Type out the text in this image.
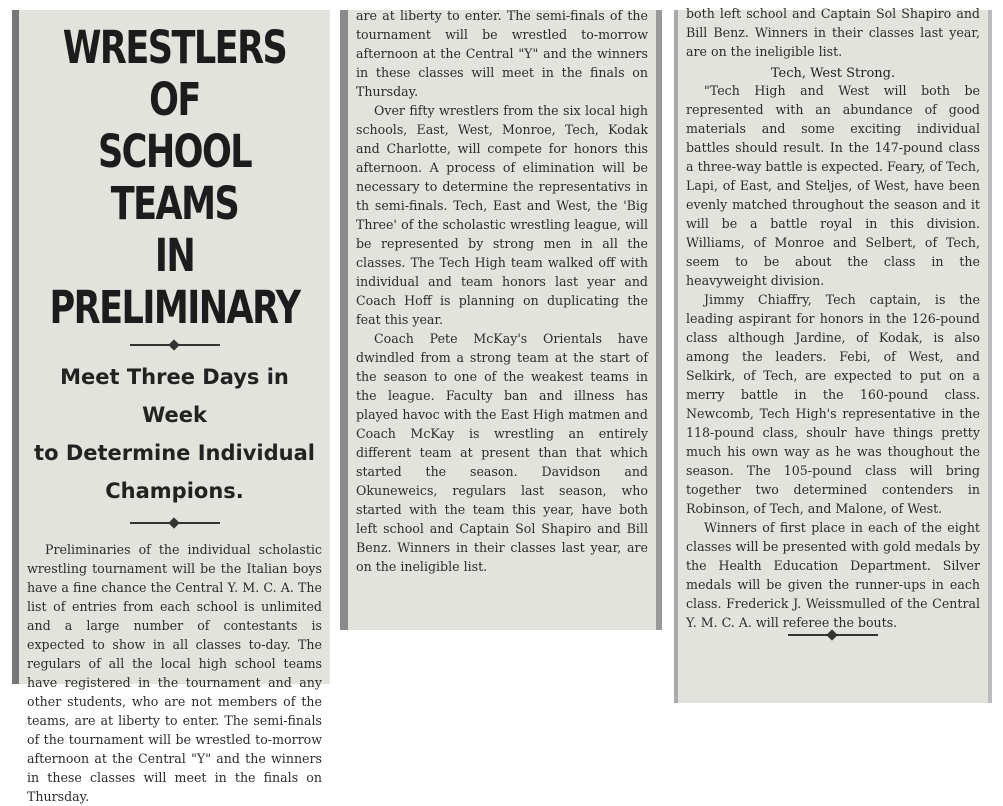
WRESTLERS OF
SCHOOL TEAMS
IN PRELIMINARY
Meet Three Days in Week
to Determine Individual
Champions.

Preliminaries of the individual scholastic wrestling tournament will be the Italian boys have a fine chance the Central Y. M. C. A. The list of entries from each school is unlimited and a large number of contestants is expected to show in all classes to-day. The regulars of all the local high school teams have registered in the tournament and any other students, who are not members of the teams, are at liberty to enter. The semi-finals of the tournament will be wrestled to-morrow afternoon at the Central "Y" and the winners in these classes will meet in the finals on Thursday.

are at liberty to enter. The semi-finals of the tournament will be wrestled to-morrow afternoon at the Central "Y" and the winners in these classes will meet in the finals on Thursday.

Over fifty wrestlers from the six local high schools, East, West, Monroe, Tech, Kodak and Charlotte, will compete for honors this afternoon. A process of elimination will be necessary to determine the representativs in th semi-finals. Tech, East and West, the 'Big Three' of the scholastic wrestling league, will be represented by strong men in all the classes. The Tech High team walked off with individual and team honors last year and Coach Hoff is planning on duplicating the feat this year.

Coach Pete McKay's Orientals have dwindled from a strong team at the start of the season to one of the weakest teams in the league. Faculty ban and illness has played havoc with the East High matmen and Coach McKay is wrestling an entirely different team at present than that which started the season. Davidson and Okuneweics, regulars last season, who started with the team this year, have both left school and Captain Sol Shapiro and Bill Benz. Winners in their classes last year, are on the ineligible list.

both left school and Captain Sol Shapiro and Bill Benz. Winners in their classes last year, are on the ineligible list.

Tech, West Strong.

"Tech High and West will both be represented with an abundance of good materials and some exciting individual battles should result. In the 147-pound class a three-way battle is expected. Feary, of Tech, Lapi, of East, and Steljes, of West, have been evenly matched throughout the season and it will be a battle royal in this division. Williams, of Monroe and Selbert, of Tech, seem to be about the class in the heavyweight division.

Jimmy Chiaffry, Tech captain, is the leading aspirant for honors in the 126-pound class although Jardine, of Kodak, is also among the leaders. Febi, of West, and Selkirk, of Tech, are expected to put on a merry battle in the 160-pound class. Newcomb, Tech High's representative in the 118-pound class, shoulr have things pretty much his own way as he was thoughout the season. The 105-pound class will bring together two determined contenders in Robinson, of Tech, and Malone, of West.

Winners of first place in each of the eight classes will be presented with gold medals by the Health Education Department. Silver medals will be given the runner-ups in each class. Frederick J. Weissmulled of the Central Y. M. C. A. will referee the bouts.
